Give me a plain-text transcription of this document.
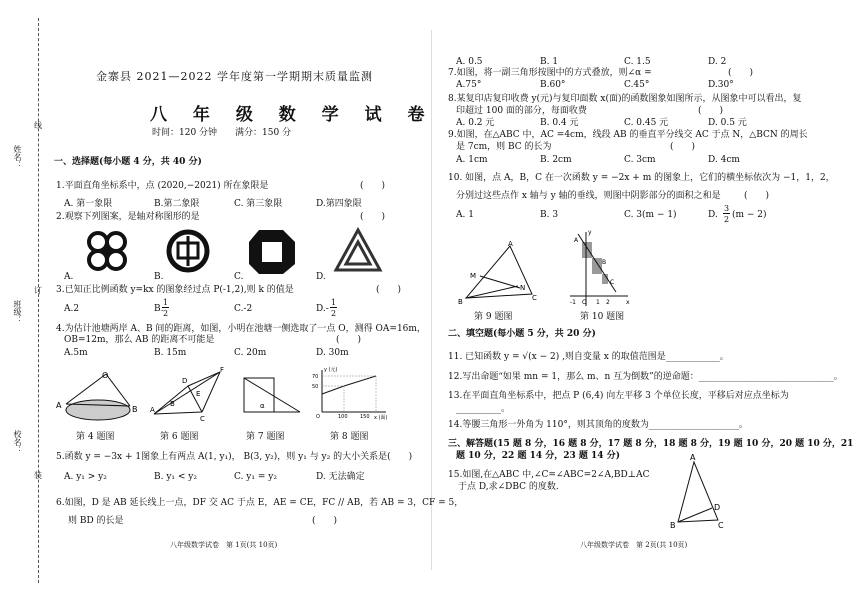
姓名：
班级：
校名：
线
订
装
金寨县 2021—2022 学年度第一学期期末质量监测
八 年 级 数 学 试 卷
时间：120 分钟　　满分：150 分
一、选择题(每小题 4 分，共 40 分)
1.平面直角坐标系中，点 (2020,−2021) 所在象限是	(　　)
A. 第一象限	B.第二象限	C. 第三象限	D.第四象限
2.观察下列图案，是轴对称图形的是	(　　)
A.	B.	C.	D.
3.已知正比例函数 y=kx 的图象经过点 P(-1,2),则 k 的值是	(　　)
A.2	B.
1
2	C.-2	D.-
1
2
4.为估计池塘两岸 A、B 间的距离，如图，小明在池塘一侧选取了一点 O，测得 OA=16m，
OB=12m，那么 AB 的距离不可能是	(　　)
A.5m	B. 15m	C. 20m	D. 30m
O
A	B A
B
C
D
E
F
α
y (元)
x (面)
70
50
O	100 150
第 4 题图	第 6 题图	第 7 题图	第 8 题图
5.函数 y = −3x + 1图象上有两点 A(1, y₁)， B(3, y₂)，则 y₁ 与 y₂ 的大小关系是(　　)
A. y₁ > y₂	B. y₁ < y₂	C. y₁ = y₂	D. 无法确定
6.如图，D 是 AB 延长线上一点，DF 交 AC 于点 E，AE = CE，FC // AB，若 AB = 3，CF = 5，
则 BD 的长是	(　　)
八年级数学试卷　第 1页(共 10页)
A. 0.5	B. 1	C. 1.5	D. 2
7.如图，将一副三角形按图中的方式叠放，则∠α =	(　　)
A.75°	B.60°	C.45°	D.30°
8.某复印店复印收费 y(元)与复印面数 x(面)的函数图象如图所示，从图象中可以看出，复
印超过 100 面的部分，每面收费	(　　)
A. 0.2 元	B. 0.4 元	C. 0.45 元	D. 0.5 元
9.如图，在△ABC 中，AC =4cm，线段 AB 的垂直平分线交 AC 于点 N，△BCN 的周长
是 7cm，则 BC 的长为	(　　)
A. 1cm	B. 2cm	C. 3cm	D. 4cm
10. 如图，点 A，B，C 在一次函数 y = −2x + m 的图象上，它们的横坐标依次为 −1，1，2，
分别过这些点作 x 轴与 y 轴的垂线，则图中阴影部分的面积之和是	(　　)
A. 1	B. 3	C. 3(m − 1)	D.
3
2 (m − 2)
A
M
B
N
C
y
A
B
C
x
-1 O 1 2
第 9 题图	第 10 题图
二、填空题(每小题 5 分，共 20 分)
11. 已知函数 y = √(x − 2) ,则自变量 x 的取值范围是____________。
12.写出命题“如果 mn = 1，那么 m、n 互为倒数”的逆命题：______________________________。
13.在平面直角坐标系中，把点 P (6,4) 向左平移 3 个单位长度，平移后对应点坐标为
__________。
14.等腰三角形一外角为 110°，则其顶角的度数为____________________。
三、解答题(15 题 8 分，16 题 8 分，17 题 8 分，18 题 8 分，19 题 10 分，20 题 10 分，21
题 10 分，22 题 14 分，23 题 14 分)
15.如图,在△ABC 中,∠C=∠ABC=2∠A,BD⊥AC
于点 D,求∠DBC 的度数.
A
B	C
D
八年级数学试卷　第 2页(共 10页)
